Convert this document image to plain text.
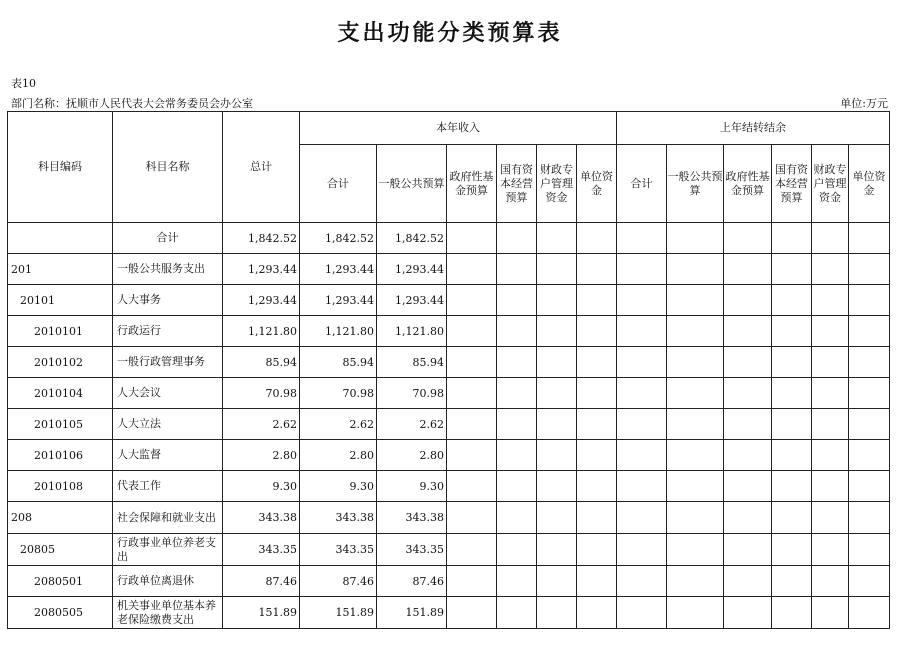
支出功能分类预算表
表10
部门名称：抚顺市人民代表大会常务委员会办公室	单位:万元
科目编码	科目名称	总计	本年收入						上年结转结余					
			合计	一般公共预算	政府性基金预算	国有资本经营预算	财政专户管理资金	单位资金	合计	一般公共预算	政府性基金预算	国有资本经营预算	财政专户管理资金	单位资金
	合计	1,842.52	1,842.52	1,842.52										
201	一般公共服务支出	1,293.44	1,293.44	1,293.44										
20101	人大事务	1,293.44	1,293.44	1,293.44										
2010101	行政运行	1,121.80	1,121.80	1,121.80										
2010102	一般行政管理事务	85.94	85.94	85.94										
2010104	人大会议	70.98	70.98	70.98										
2010105	人大立法	2.62	2.62	2.62										
2010106	人大监督	2.80	2.80	2.80										
2010108	代表工作	9.30	9.30	9.30										
208	社会保障和就业支出	343.38	343.38	343.38										
20805	行政事业单位养老支出	343.35	343.35	343.35										
2080501	行政单位离退休	87.46	87.46	87.46										
2080505	机关事业单位基本养老保险缴费支出	151.89	151.89	151.89										
